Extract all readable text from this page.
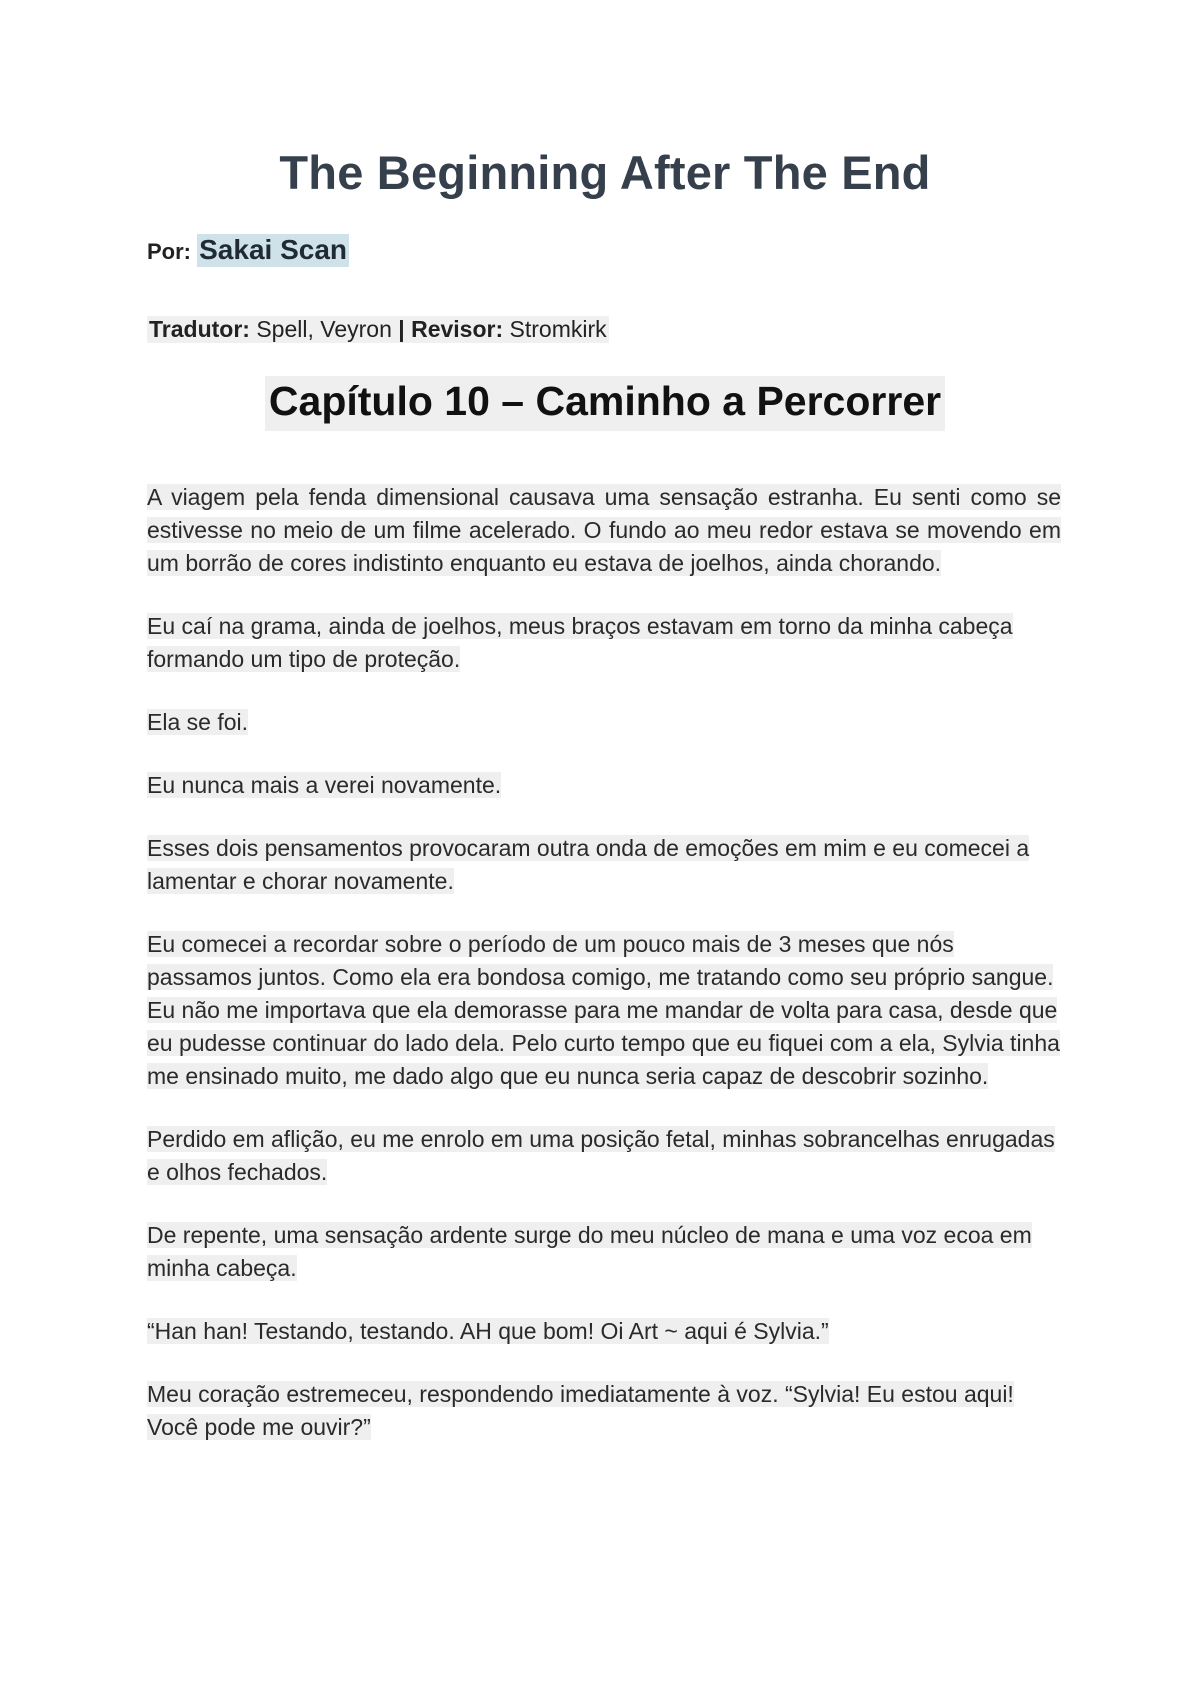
The Beginning After The End
Por: Sakai Scan
Tradutor: Spell, Veyron | Revisor: Stromkirk
Capítulo 10 – Caminho a Percorrer

A viagem pela fenda dimensional causava uma sensação estranha. Eu senti como se estivesse no meio de um filme acelerado. O fundo ao meu redor estava se movendo em um borrão de cores indistinto enquanto eu estava de joelhos, ainda chorando.

Eu caí na grama, ainda de joelhos, meus braços estavam em torno da minha cabeça formando um tipo de proteção.

Ela se foi.

Eu nunca mais a verei novamente.

Esses dois pensamentos provocaram outra onda de emoções em mim e eu comecei a lamentar e chorar novamente.

Eu comecei a recordar sobre o período de um pouco mais de 3 meses que nós passamos juntos. Como ela era bondosa comigo, me tratando como seu próprio sangue. Eu não me importava que ela demorasse para me mandar de volta para casa, desde que eu pudesse continuar do lado dela. Pelo curto tempo que eu fiquei com a ela, Sylvia tinha me ensinado muito, me dado algo que eu nunca seria capaz de descobrir sozinho.

Perdido em aflição, eu me enrolo em uma posição fetal, minhas sobrancelhas enrugadas e olhos fechados.

De repente, uma sensação ardente surge do meu núcleo de mana e uma voz ecoa em minha cabeça.

“Han han! Testando, testando. AH que bom! Oi Art ~ aqui é Sylvia.”

Meu coração estremeceu, respondendo imediatamente à voz. “Sylvia! Eu estou aqui! Você pode me ouvir?”
